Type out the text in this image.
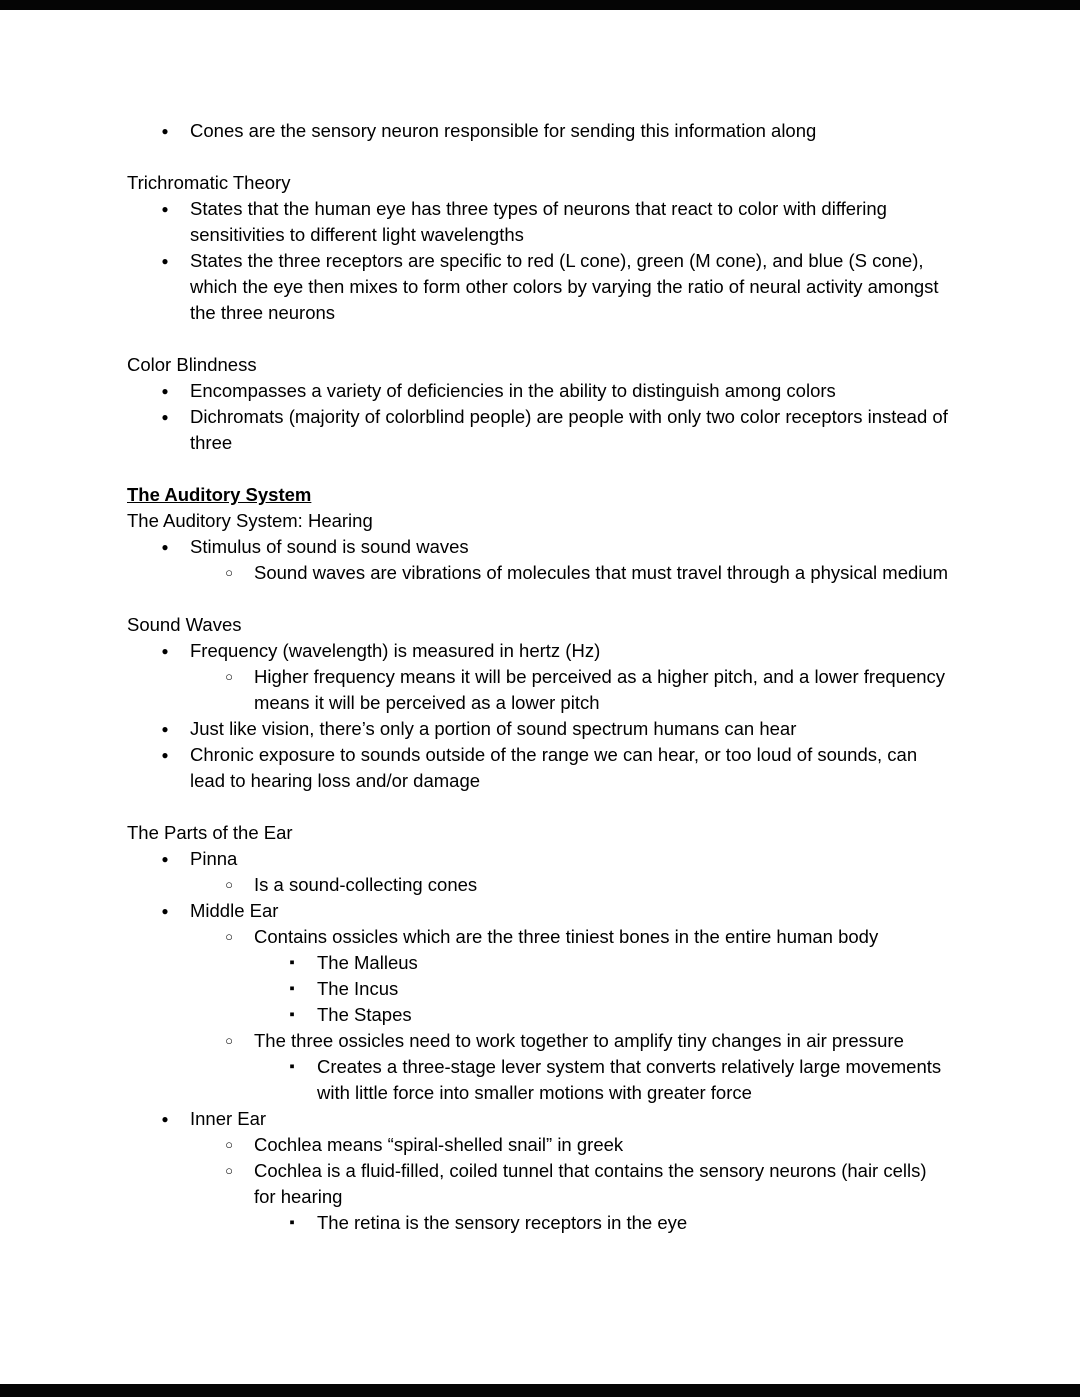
●	Cones are the sensory neuron responsible for sending this information along
Trichromatic Theory
●	States that the human eye has three types of neurons that react to color with differing sensitivities to different light wavelengths
●	States the three receptors are specific to red (L cone), green (M cone), and blue (S cone), which the eye then mixes to form other colors by varying the ratio of neural activity amongst the three neurons
Color Blindness
●	Encompasses a variety of deficiencies in the ability to distinguish among colors
●	Dichromats (majority of colorblind people) are people with only two color receptors instead of three
The Auditory System
The Auditory System: Hearing
●	Stimulus of sound is sound waves
○	Sound waves are vibrations of molecules that must travel through a physical medium
Sound Waves
●	Frequency (wavelength) is measured in hertz (Hz)
○	Higher frequency means it will be perceived as a higher pitch, and a lower frequency means it will be perceived as a lower pitch
●	Just like vision, there’s only a portion of sound spectrum humans can hear
●	Chronic exposure to sounds outside of the range we can hear, or too loud of sounds, can lead to hearing loss and/or damage
The Parts of the Ear
●	Pinna
○	Is a sound-collecting cones
●	Middle Ear
○	Contains ossicles which are the three tiniest bones in the entire human body
▪	The Malleus
▪	The Incus
▪	The Stapes
○	The three ossicles need to work together to amplify tiny changes in air pressure
▪	Creates a three-stage lever system that converts relatively large movements with little force into smaller motions with greater force
●	Inner Ear
○	Cochlea means “spiral-shelled snail” in greek
○	Cochlea is a fluid-filled, coiled tunnel that contains the sensory neurons (hair cells) for hearing
▪	The retina is the sensory receptors in the eye
